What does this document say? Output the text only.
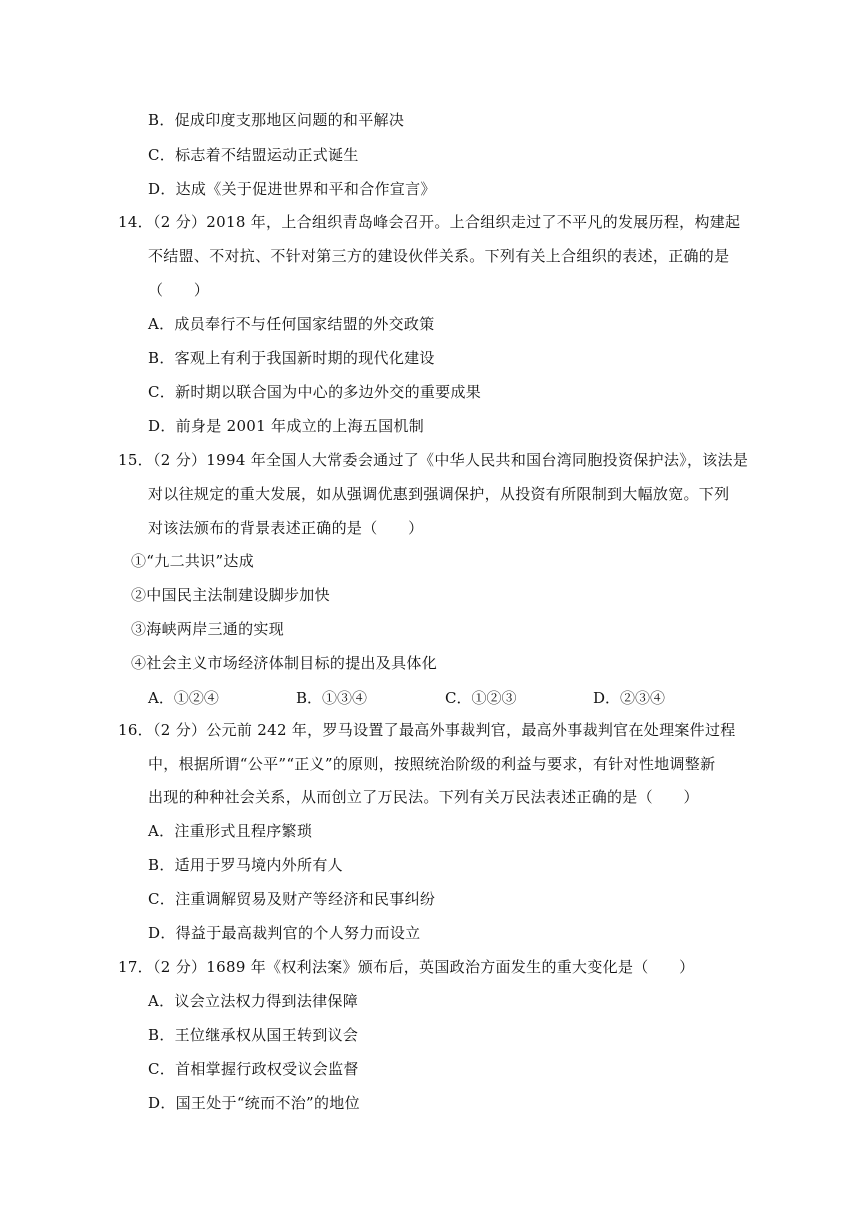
B．促成印度支那地区问题的和平解决
C．标志着不结盟运动正式诞生
D．达成《关于促进世界和平和合作宣言》
14．（2 分）2018 年，上合组织青岛峰会召开。上合组织走过了不平凡的发展历程，构建起
不结盟、不对抗、不针对第三方的建设伙伴关系。下列有关上合组织的表述，正确的是
（　　）
A．成员奉行不与任何国家结盟的外交政策
B．客观上有利于我国新时期的现代化建设
C．新时期以联合国为中心的多边外交的重要成果
D．前身是 2001 年成立的上海五国机制
15．（2 分）1994 年全国人大常委会通过了《中华人民共和国台湾同胞投资保护法》，该法是
对以往规定的重大发展，如从强调优惠到强调保护，从投资有所限制到大幅放宽。下列
对该法颁布的背景表述正确的是（　　）
①“九二共识”达成
②中国民主法制建设脚步加快
③海峡两岸三通的实现
④社会主义市场经济体制目标的提出及具体化
A．①②④	B．①③④	C．①②③	D．②③④
16．（2 分）公元前 242 年，罗马设置了最高外事裁判官，最高外事裁判官在处理案件过程
中，根据所谓“公平”“正义”的原则，按照统治阶级的利益与要求，有针对性地调整新
出现的种种社会关系，从而创立了万民法。下列有关万民法表述正确的是（　　）
A．注重形式且程序繁琐
B．适用于罗马境内外所有人
C．注重调解贸易及财产等经济和民事纠纷
D．得益于最高裁判官的个人努力而设立
17．（2 分）1689 年《权利法案》颁布后，英国政治方面发生的重大变化是（　　）
A．议会立法权力得到法律保障
B．王位继承权从国王转到议会
C．首相掌握行政权受议会监督
D．国王处于“统而不治”的地位
